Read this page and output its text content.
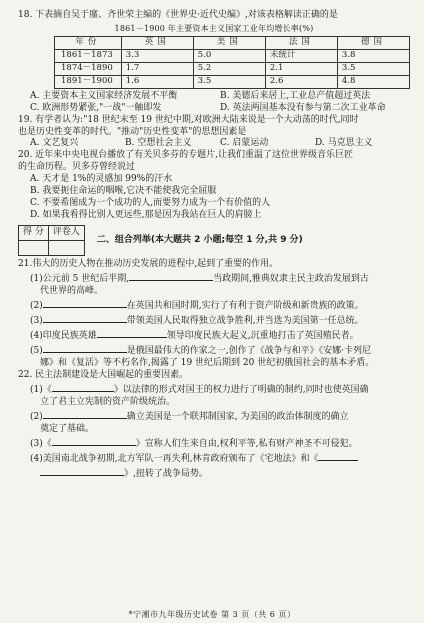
18. 下表摘自吴于廑、齐世荣主编的《世界史·近代史编》,对该表格解读正确的是

1861－1900 年主要资本主义国家工业年均增长率(%)
年份	英国	美国	法国	德国
1861－1873	3.3	5.0	未统计	3.8
1874－1890	1.7	5.2	2.1	3.5
1891－1900	1.6	3.5	2.6	4.8
A. 主要资本主义国家经济发展不平衡	B. 美德后来居上,工业总产值超过英法
C. 欧洲形势紧张,"一战"一触即发	D. 英法两国基本没有参与第二次工业革命

19. 有学者认为:"18 世纪末至 19 世纪中期,对欧洲大陆来说是一个大动荡的时代,同时

也是历史性变革的时代。"推动"历史性变革"的思想因素是

A. 文艺复兴	B. 空想社会主义	C. 启蒙运动	D. 马克思主义

20. 近年来中央电视台播放了有关贝多芬的专题片,让我们重温了这位世界级音乐巨匠

的生命历程。贝多芬曾经说过

A. 天才是 1%的灵感加 99%的汗水

B. 我要扼住命运的咽喉,它决不能使我完全屈服

C. 不要希图成为一个成功的人,而要努力成为一个有价值的人

D. 如果我看得比别人更远些,那是因为我站在巨人的肩膀上

得 分	评卷人

二、组合列举(本大题共 2 小题;每空 1 分,共 9 分)

21.伟大的历史人物在推动历史发展的进程中,起到了重要的作用。

(1)公元前 5 世纪后半期,	当政期间,雅典奴隶主民主政治发展到古

代世界的高峰。

(2)	在英国共和国时期,实行了有利于资产阶级和新贵族的政策。

(3)	带领美国人民取得独立战争胜利,并当选为美国第一任总统。

(4)印度民族英雄	领导印度民族大起义,沉重地打击了英国殖民者。

(5)	是俄国最伟大的作家之一,创作了《战争与和平》《安娜·卡列尼

娜》和《复活》等不朽名作,揭露了 19 世纪后期到 20 世纪初俄国社会的基本矛盾。

22. 民主法制建设是大国崛起的重要因素。

(1)《	》以法律的形式对国王的权力进行了明确的制约,同时也使英国确

立了君主立宪制的资产阶级统治。

(2)	确立美国是一个联邦制国家, 为美国的政治体制度的确立

奠定了基础。

(3)《	》宣称人们生来自由,权利平等,私有财产神圣不可侵犯。

(4)美国南北战争初期,北方军队一再失利,林肯政府颁布了《宅地法》和《

》,扭转了战争局势。

*宁湘市九年级历史试卷 第 3 页（共 6 页）
